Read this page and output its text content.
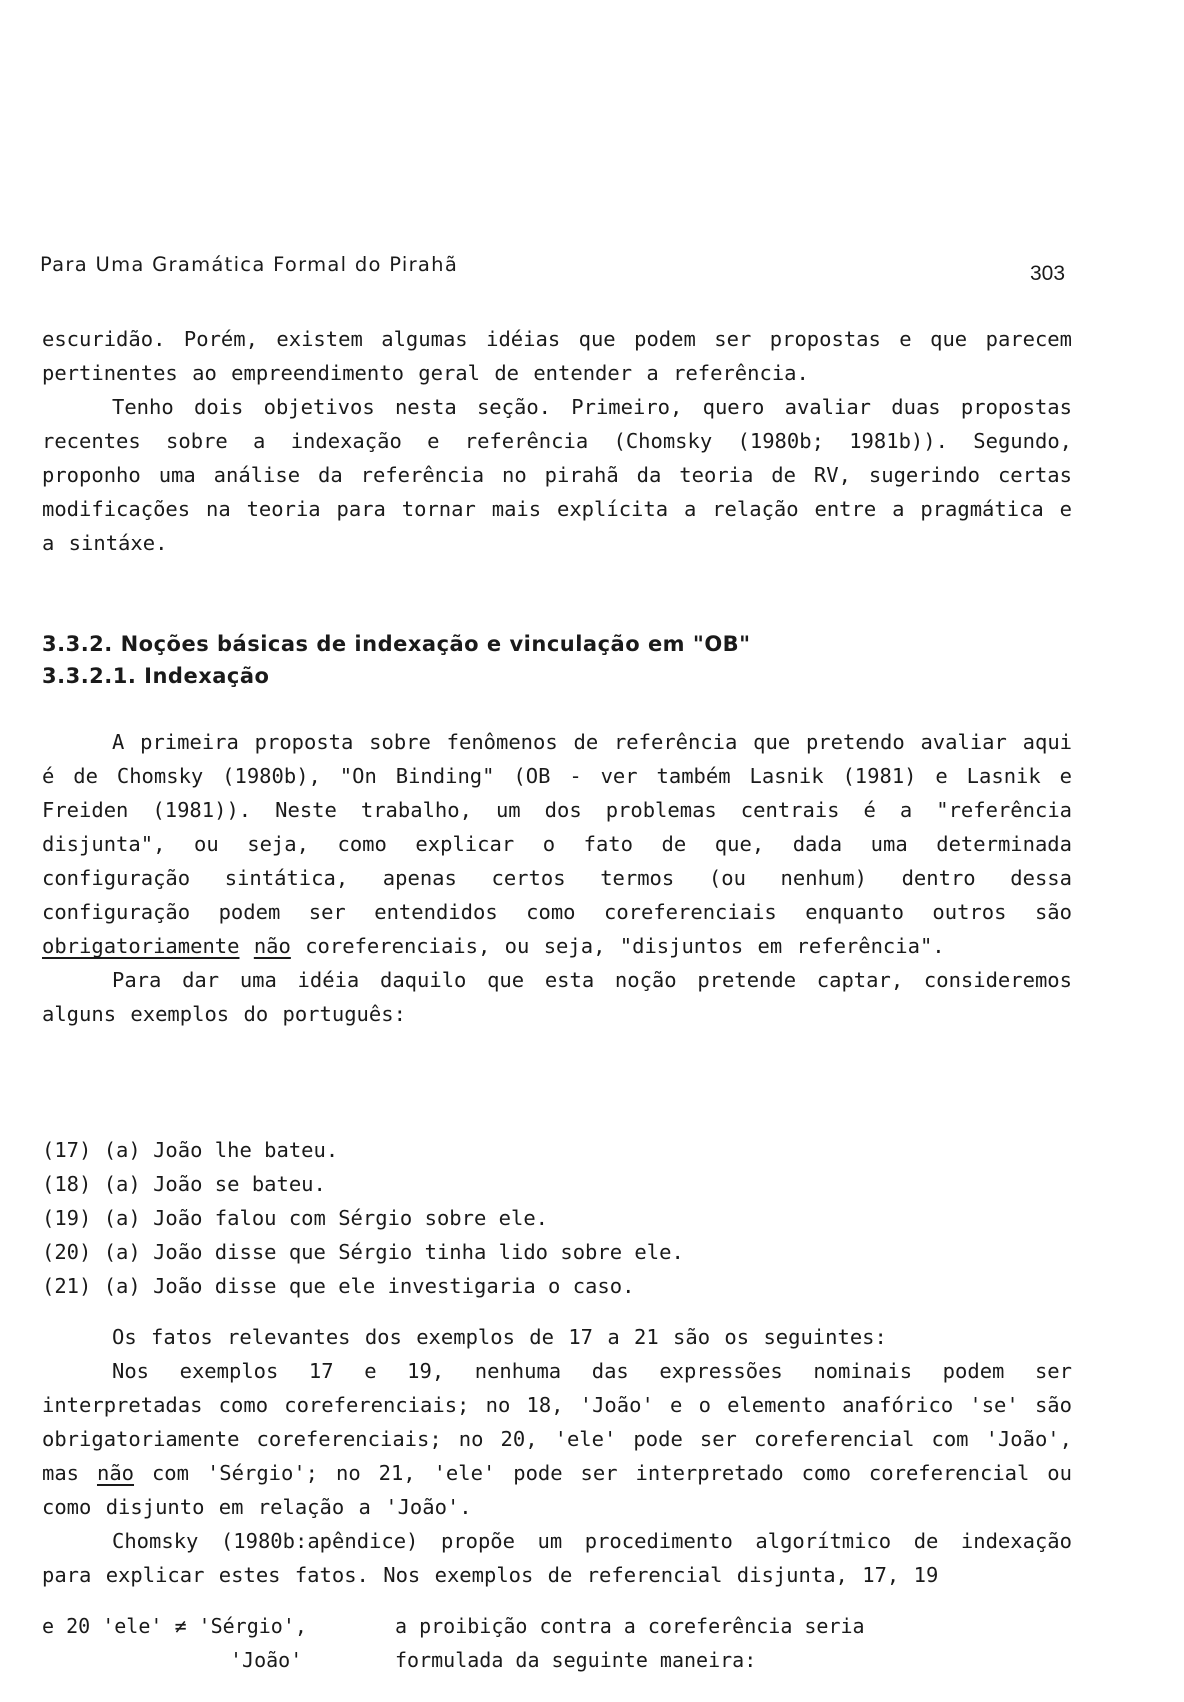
Para Uma Gramática Formal do Pirahã	303

escuridão. Porém, existem algumas idéias que podem ser propostas e que parecem pertinentes ao empreendimento geral de entender a referência.

Tenho dois objetivos nesta seção. Primeiro, quero avaliar duas propostas recentes sobre a indexação e referência (Chomsky (1980b; 1981b)). Segundo, proponho uma análise da referência no pirahã da teoria de RV, sugerindo certas modificações na teoria para tornar mais explícita a relação entre a pragmática e a sintáxe.

3.3.2. Noções básicas de indexação e vinculação em "OB"
3.3.2.1. Indexação

A primeira proposta sobre fenômenos de referência que pretendo avaliar aqui é de Chomsky (1980b), "On Binding" (OB - ver também Lasnik (1981) e Lasnik e Freiden (1981)). Neste trabalho, um dos problemas centrais é a "referência disjunta", ou seja, como explicar o fato de que, dada uma determinada configuração sintática, apenas certos termos (ou nenhum) dentro dessa configuração podem ser entendidos como coreferenciais enquanto outros são obrigatoriamente não coreferenciais, ou seja, "disjuntos em referência".

Para dar uma idéia daquilo que esta noção pretende captar, consideremos alguns exemplos do português:

(17) (a) João lhe bateu.
(18) (a) João se bateu.
(19) (a) João falou com Sérgio sobre ele.
(20) (a) João disse que Sérgio tinha lido sobre ele.
(21) (a) João disse que ele investigaria o caso.

Os fatos relevantes dos exemplos de 17 a 21 são os seguintes:

Nos exemplos 17 e 19, nenhuma das expressões nominais podem ser interpretadas como coreferenciais; no 18, 'João' e o elemento anafórico 'se' são obrigatoriamente coreferenciais; no 20, 'ele' pode ser coreferencial com 'João', mas não com 'Sérgio'; no 21, 'ele' pode ser interpretado como coreferencial ou como disjunto em relação a 'João'.

Chomsky (1980b:apêndice) propõe um procedimento algorítmico de indexação para explicar estes fatos. Nos exemplos de referencial disjunta, 17, 19

e 20 'ele' ≠ 'Sérgio',	a proibição contra a coreferência seria
'João'	formulada da seguinte maneira:
